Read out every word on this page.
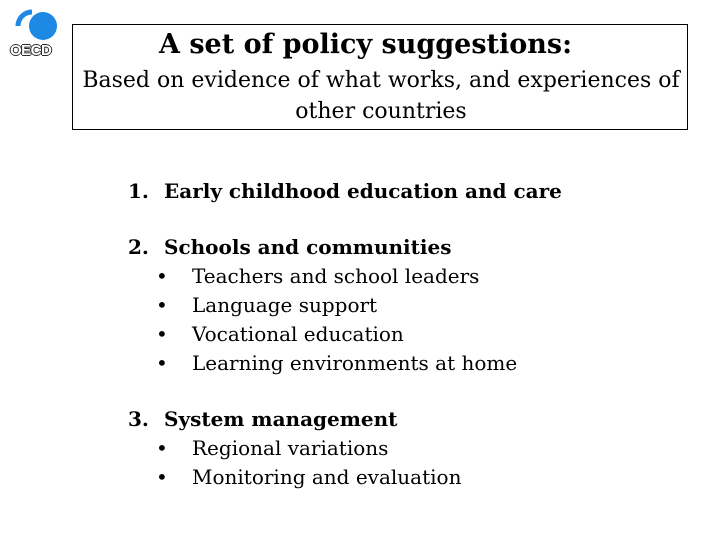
OECD	A set of policy suggestions:
Based on evidence of what works, and experiences of other countries
1. Early childhood education and care
2. Schools and communities
• Teachers and school leaders
• Language support
• Vocational education
• Learning environments at home
3. System management
• Regional variations
• Monitoring and evaluation
